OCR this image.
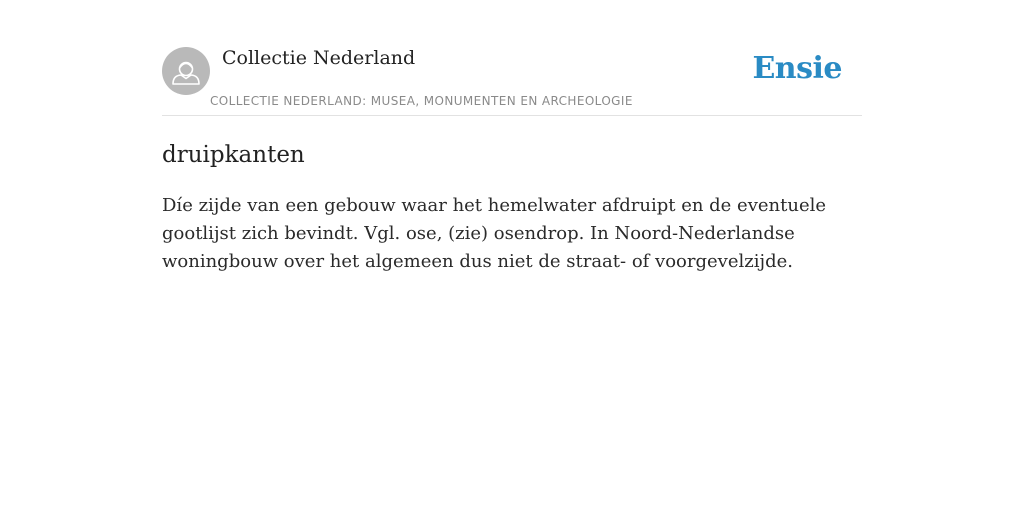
Collectie Nederland
COLLECTIE NEDERLAND: MUSEA, MONUMENTEN EN ARCHEOLOGIE
Ensie
druipkanten

Díe zijde van een gebouw waar het hemelwater afdruipt en de eventuele gootlijst zich bevindt. Vgl. ose, (zie) osendrop. In Noord-Nederlandse woningbouw over het algemeen dus niet de straat- of voorgevelzijde.
